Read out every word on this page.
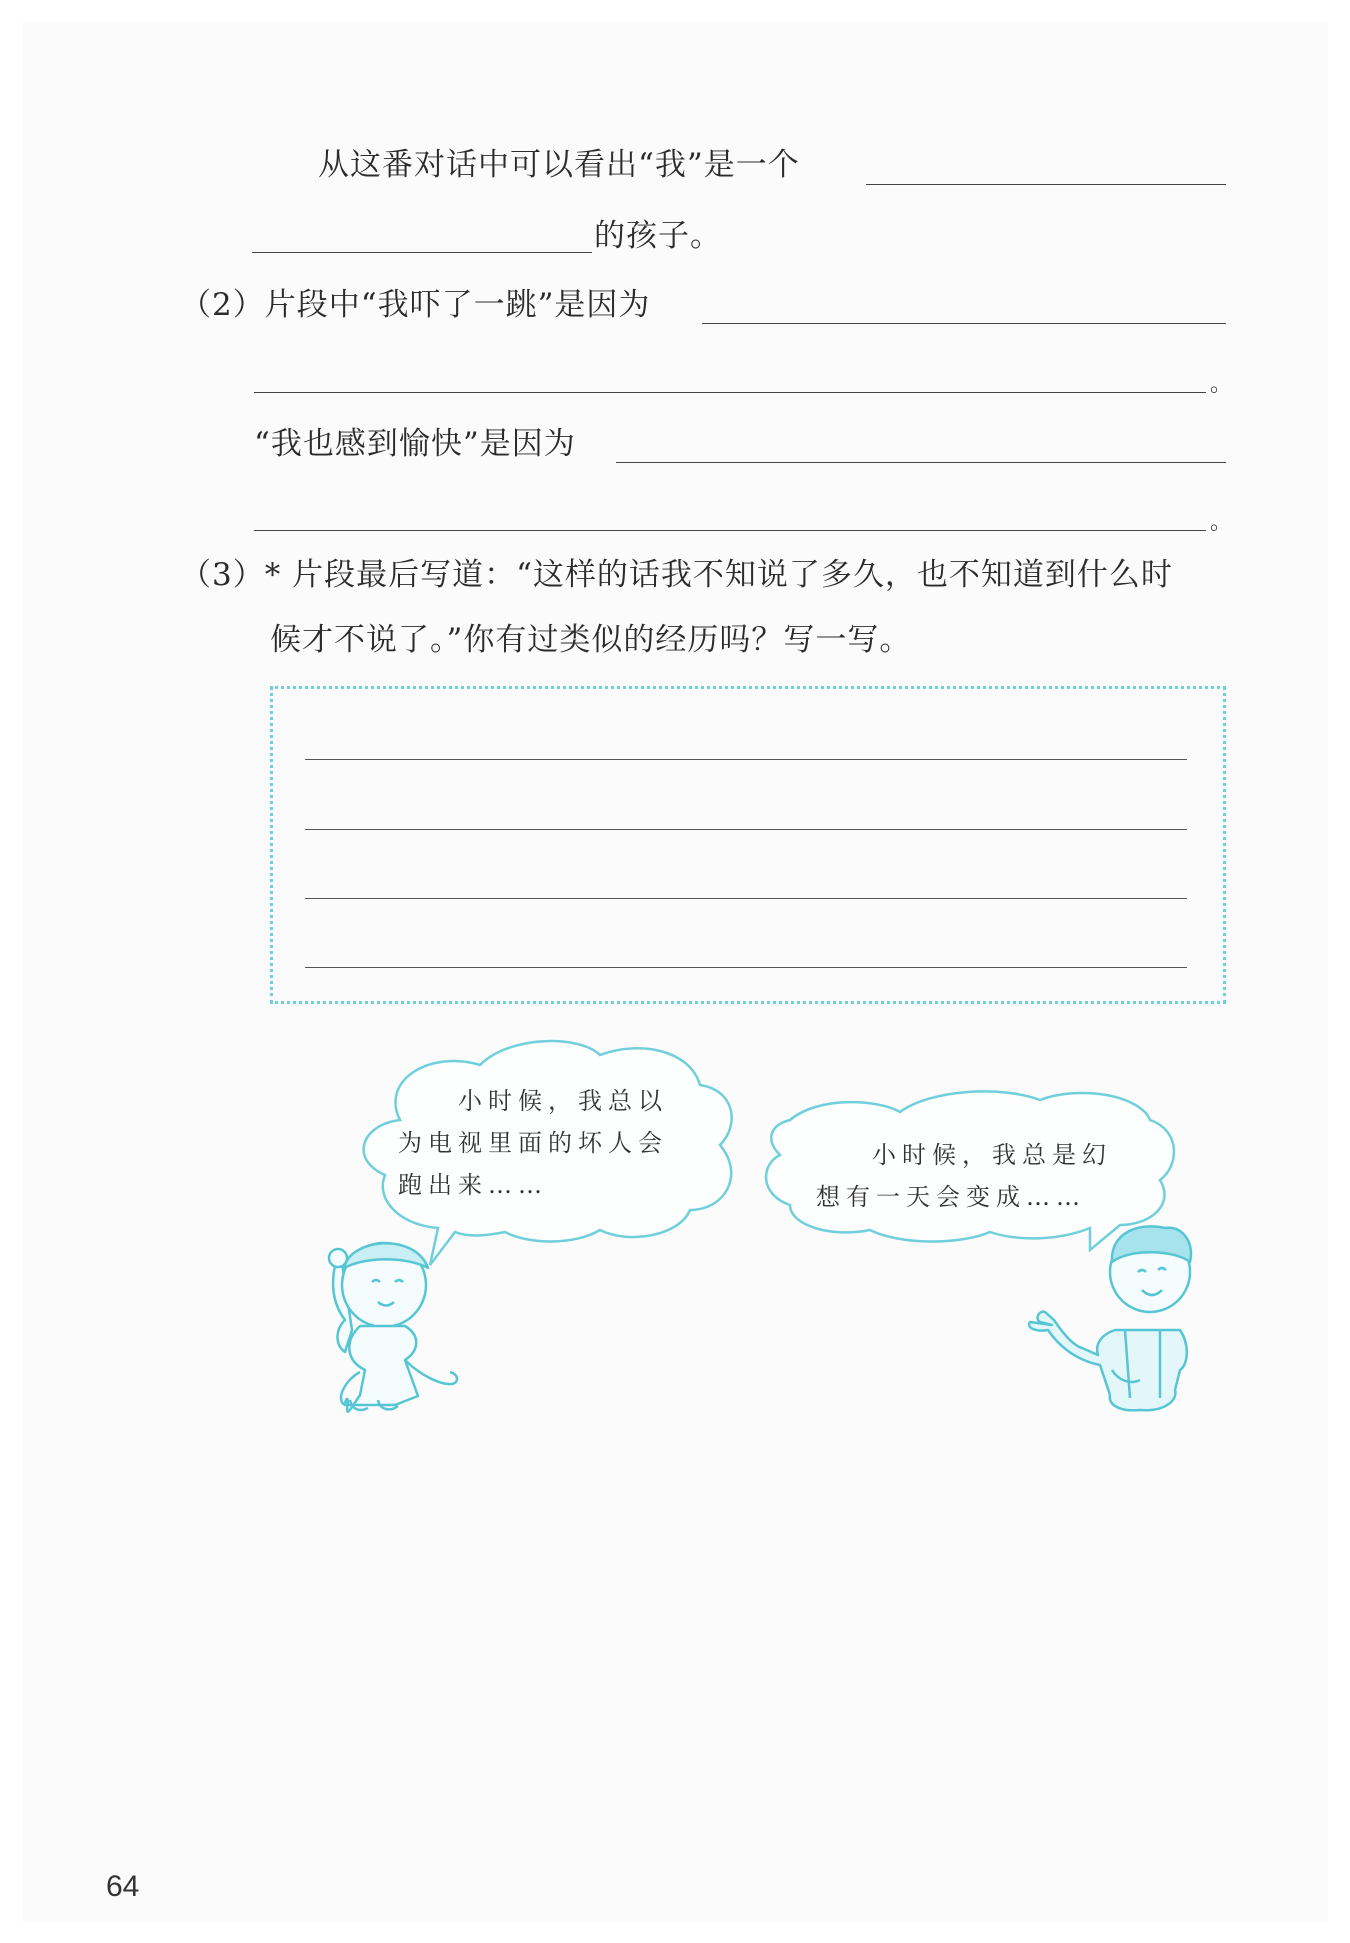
从这番对话中可以看出“我”是一个
的孩子。
（2）片段中“我吓了一跳”是因为
。
“我也感到愉快”是因为
。
（3）* 片段最后写道：“这样的话我不知说了多久，也不知道到什么时
候才不说了。”你有过类似的经历吗？写一写。
小时候，我总以
为电视里面的坏人会
跑出来……
小时候，我总是幻
想有一天会变成……
64
